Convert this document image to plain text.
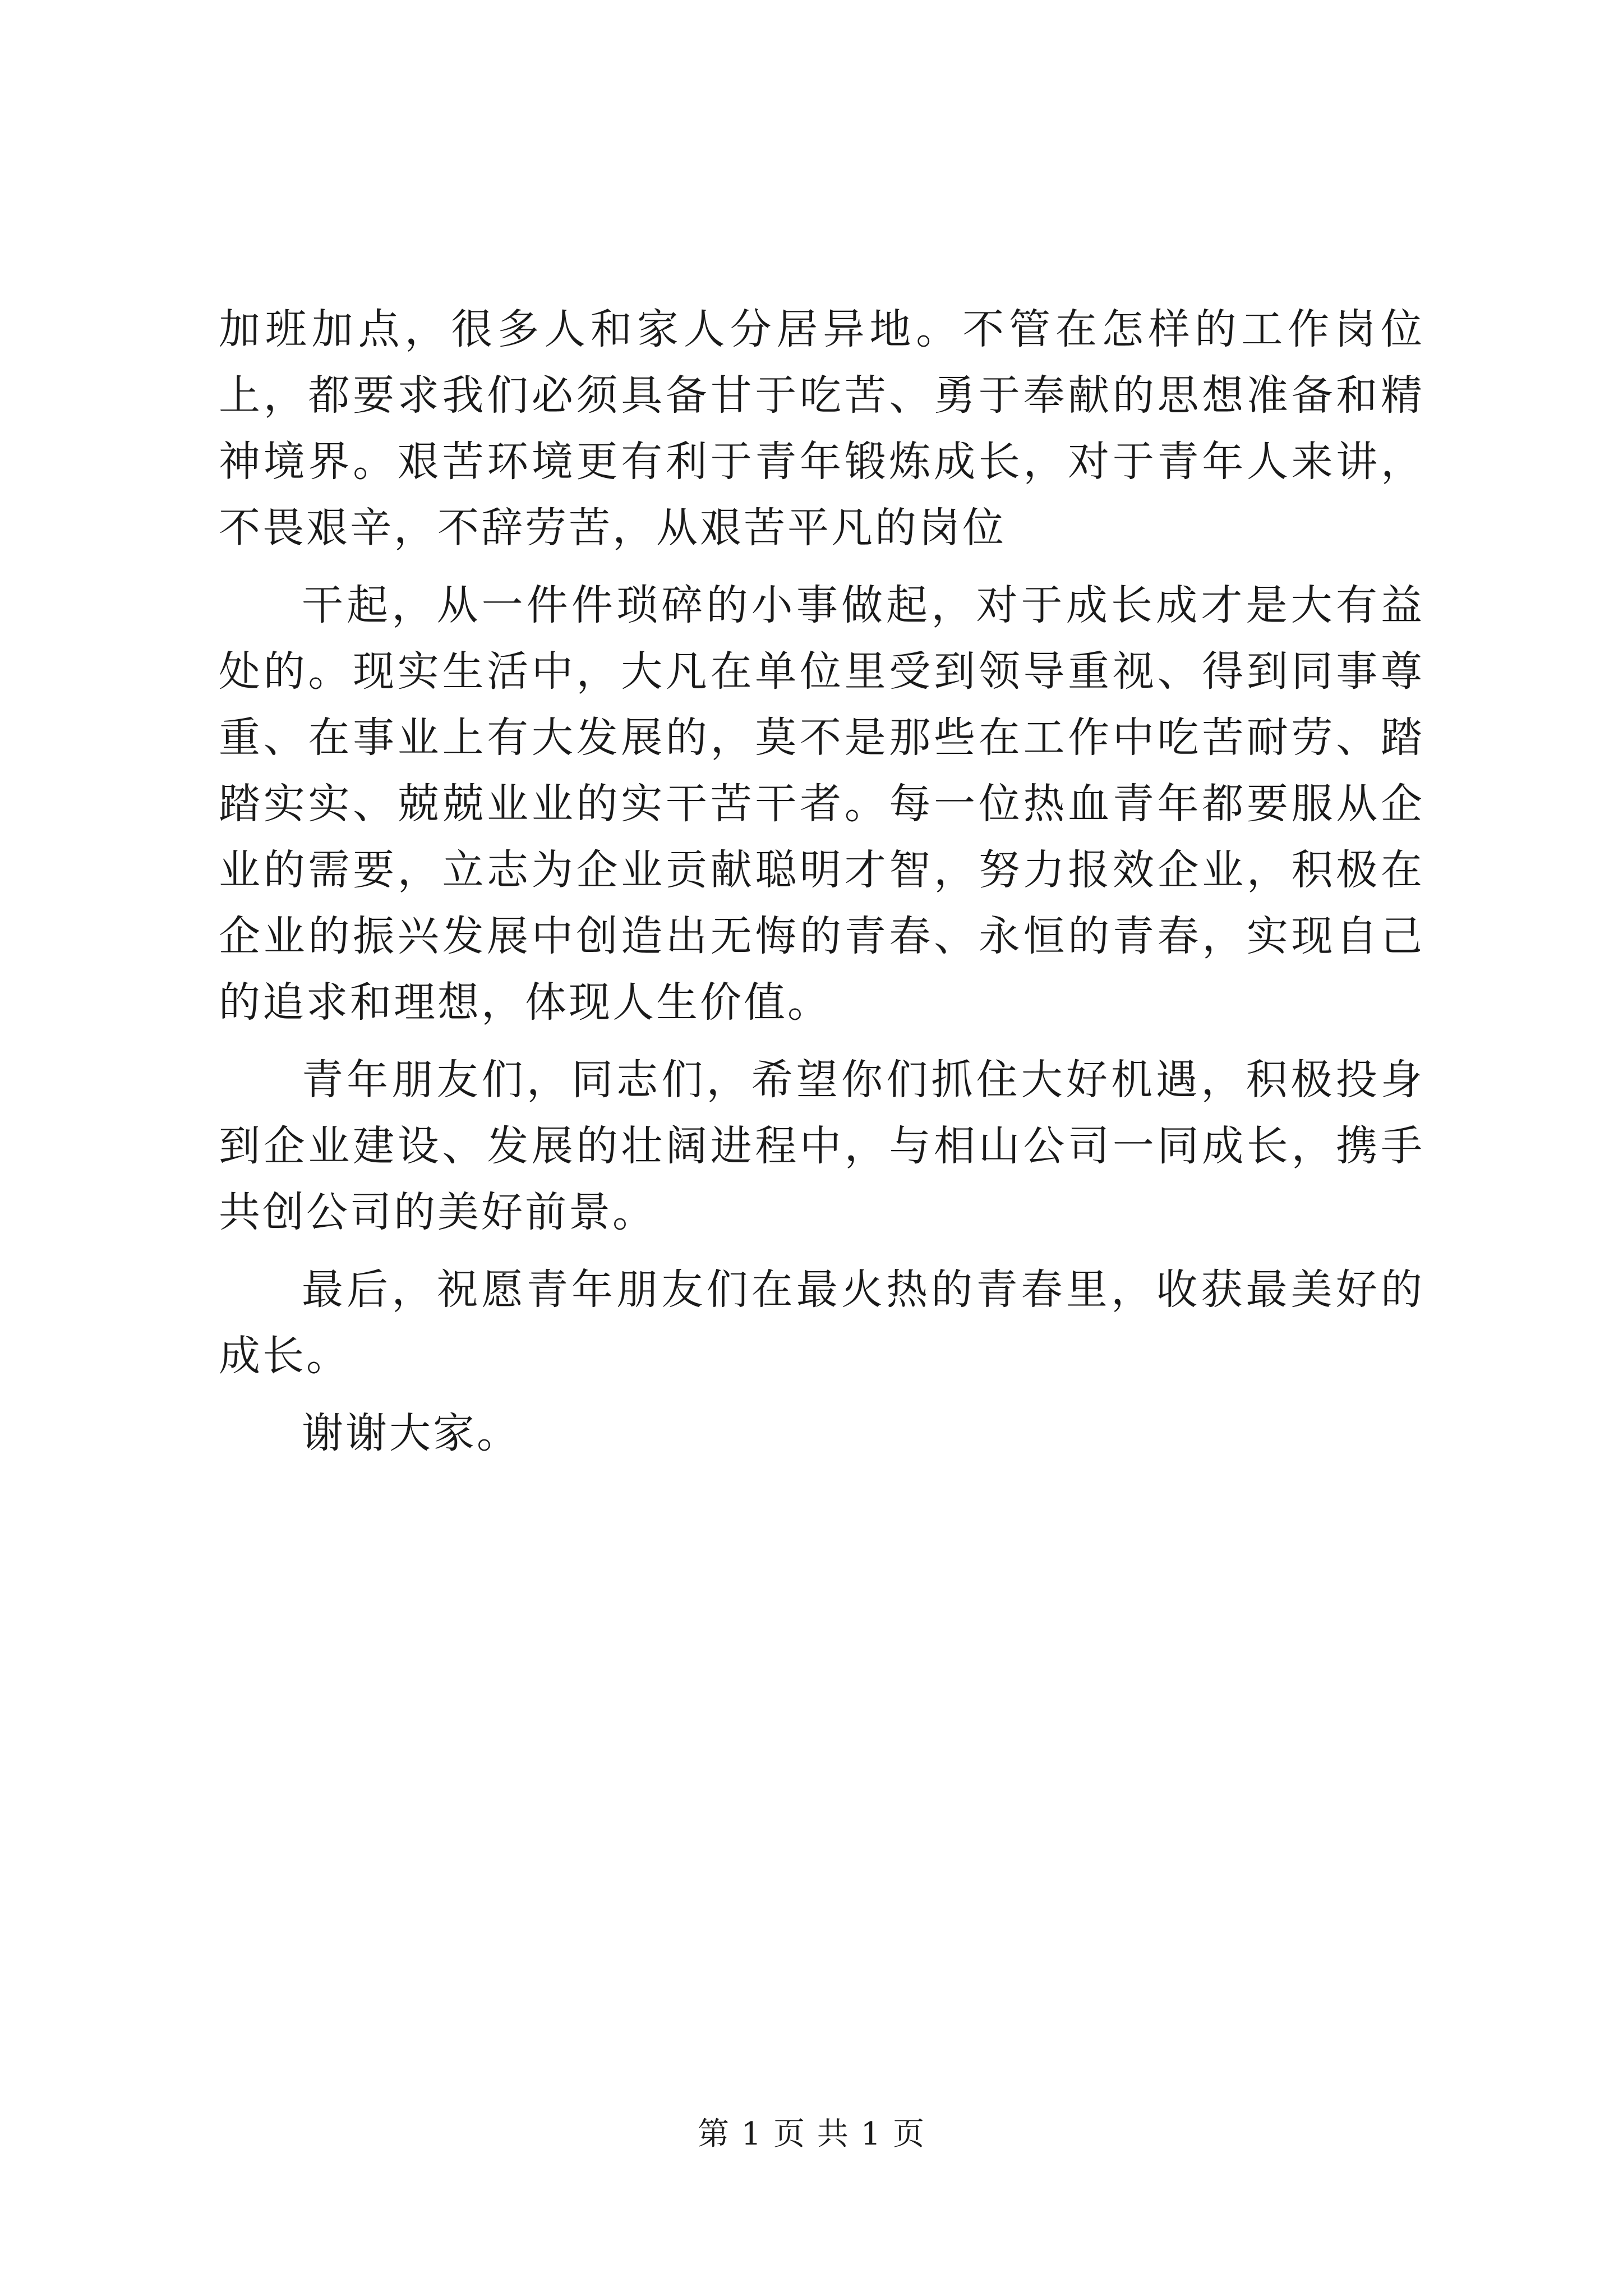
加班加点，很多人和家人分居异地。不管在怎样的工作岗位上，都要求我们必须具备甘于吃苦、勇于奉献的思想准备和精神境界。艰苦环境更有利于青年锻炼成长，对于青年人来讲，不畏艰辛，不辞劳苦，从艰苦平凡的岗位

干起，从一件件琐碎的小事做起，对于成长成才是大有益处的。现实生活中，大凡在单位里受到领导重视、得到同事尊重、在事业上有大发展的，莫不是那些在工作中吃苦耐劳、踏踏实实、兢兢业业的实干苦干者。每一位热血青年都要服从企业的需要，立志为企业贡献聪明才智，努力报效企业，积极在企业的振兴发展中创造出无悔的青春、永恒的青春，实现自己的追求和理想，体现人生价值。

青年朋友们，同志们，希望你们抓住大好机遇，积极投身到企业建设、发展的壮阔进程中，与相山公司一同成长，携手共创公司的美好前景。

最后，祝愿青年朋友们在最火热的青春里，收获最美好的成长。

谢谢大家。

第 1 页 共 1 页
